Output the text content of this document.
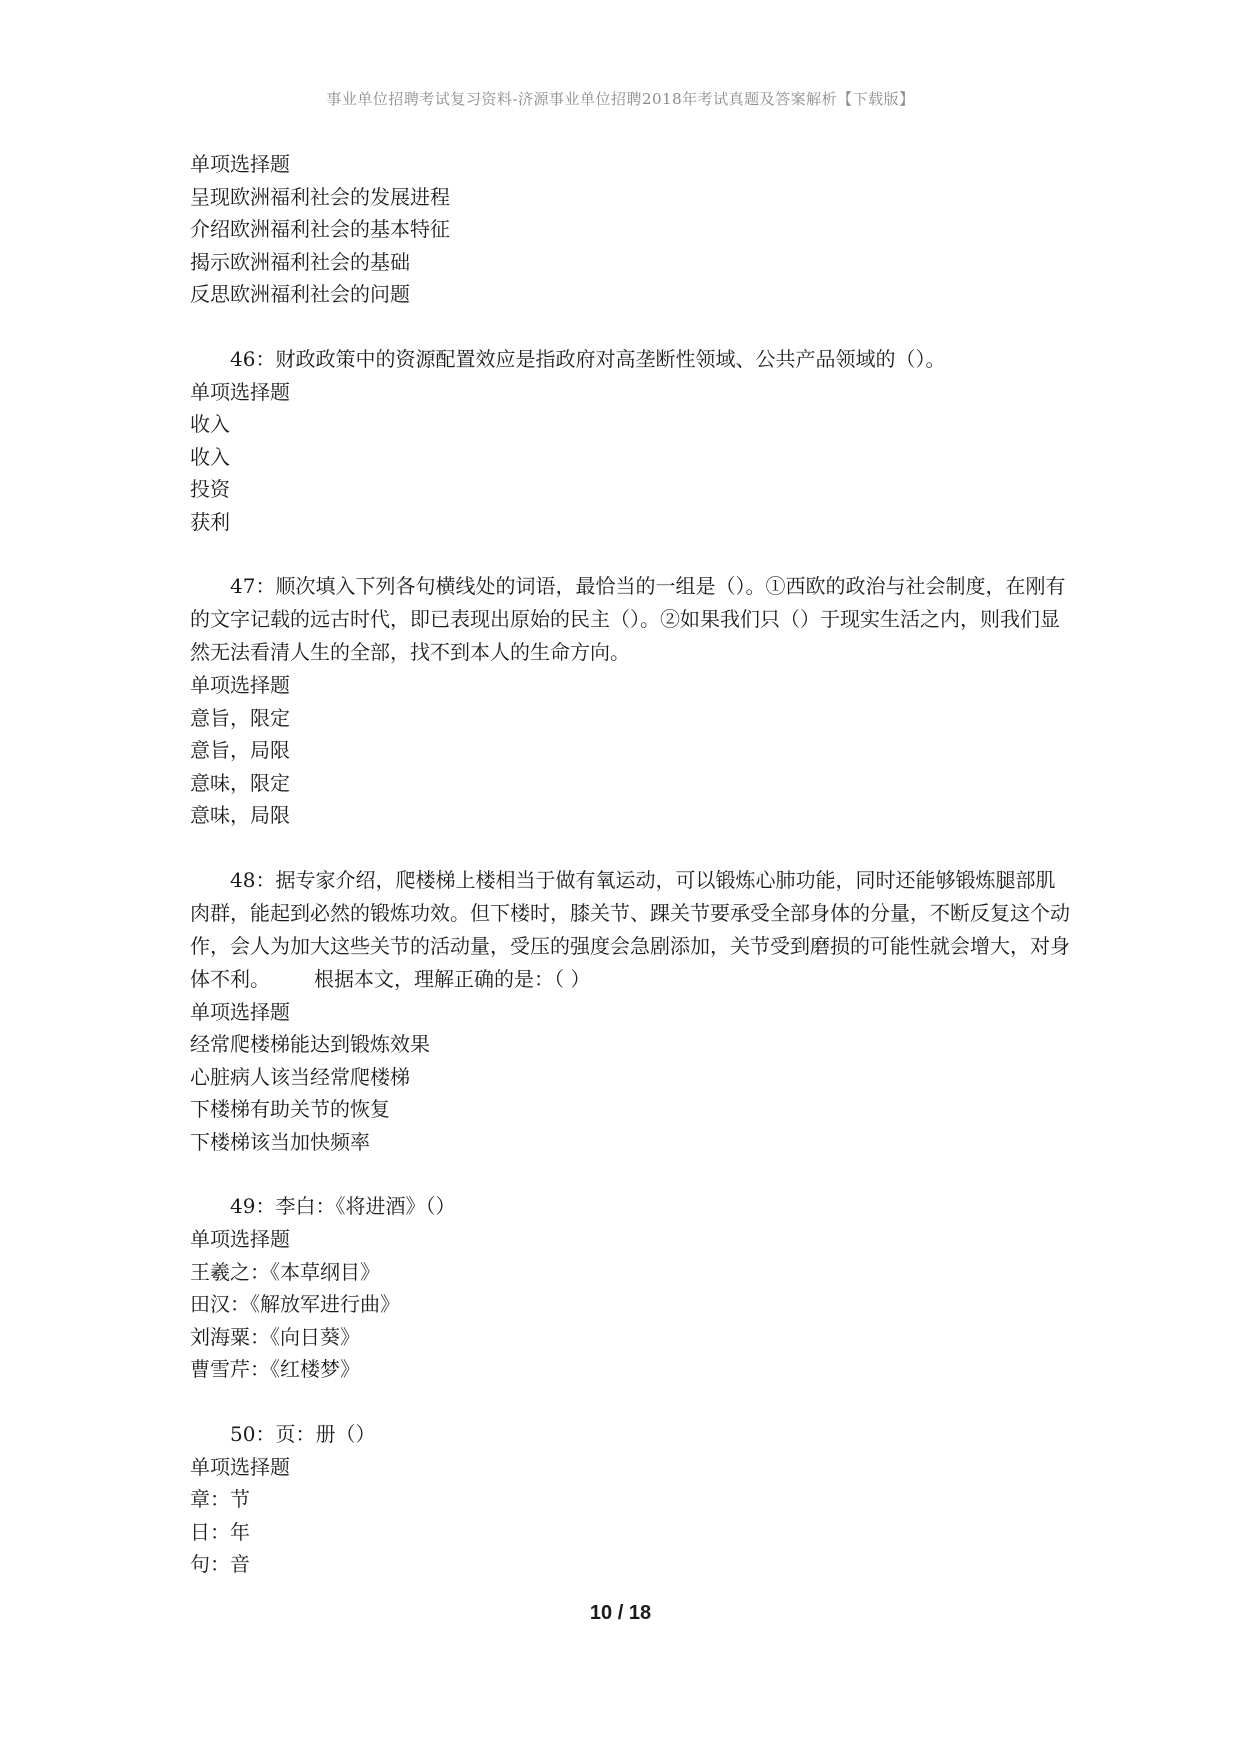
事业单位招聘考试复习资料-济源事业单位招聘2018年考试真题及答案解析【下载版】
单项选择题
呈现欧洲福利社会的发展进程
介绍欧洲福利社会的基本特征
揭示欧洲福利社会的基础
反思欧洲福利社会的问题
46：财政政策中的资源配置效应是指政府对高垄断性领域、公共产品领域的（）。
单项选择题
收入
收入
投资
获利
47：顺次填入下列各句横线处的词语，最恰当的一组是（）。①西欧的政治与社会制度，在刚有的文字记载的远古时代，即已表现出原始的民主（）。②如果我们只（）于现实生活之内，则我们显然无法看清人生的全部，找不到本人的生命方向。
单项选择题
意旨，限定
意旨，局限
意味，限定
意味，局限
48：据专家介绍，爬楼梯上楼相当于做有氧运动，可以锻炼心肺功能，同时还能够锻炼腿部肌肉群，能起到必然的锻炼功效。但下楼时，膝关节、踝关节要承受全部身体的分量，不断反复这个动作，会人为加大这些关节的活动量，受压的强度会急剧添加，关节受到磨损的可能性就会增大，对身体不利。 根据本文，理解正确的是：（ ）
单项选择题
经常爬楼梯能达到锻炼效果
心脏病人该当经常爬楼梯
下楼梯有助关节的恢复
下楼梯该当加快频率
49：李白：《将进酒》（）
单项选择题
王羲之：《本草纲目》
田汉：《解放军进行曲》
刘海粟：《向日葵》
曹雪芹：《红楼梦》
50：页：册（）
单项选择题
章：节
日：年
句：音
10 / 18
